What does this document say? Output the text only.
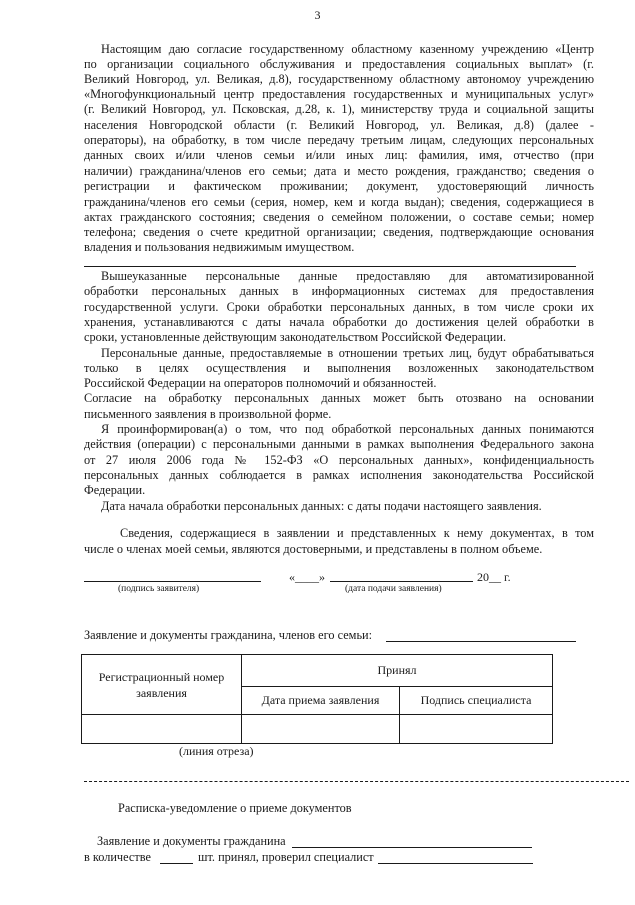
3
Настоящим даю согласие государственному областному казенному учреждению «Центр
по организации социального обслуживания и предоставления социальных выплат» (г.
Великий Новгород, ул. Великая, д.8), государственному областному автономоу учреждению
«Многофункциональный центр предоставления государственных и муниципальных услуг»
(г. Великий Новгород, ул. Псковская, д.28, к. 1), министерству труда и социальной защиты
населения Новгородской области (г. Великий Новгород, ул. Великая, д.8) (далее -
операторы), на обработку, в том числе передачу третьим лицам, следующих персональных
данных своих и/или членов семьи и/или иных лиц: фамилия, имя, отчество (при
наличии) гражданина/членов его семьи; дата и место рождения, гражданство; сведения о
регистрации и фактическом проживании; документ, удостоверяющий личность
гражданина/членов его семьи (серия, номер, кем и когда выдан); сведения, содержащиеся в
актах гражданского состояния; сведения о семейном положении, о составе семьи; номер
телефона; сведения о счете кредитной организации; сведения, подтверждающие основания
владения и пользования недвижимым имуществом.
Вышеуказанные персональные данные предоставляю для автоматизированной
обработки персональных данных в информационных системах для предоставления
государственной услуги. Сроки обработки персональных данных, в том числе сроки их
хранения, устанавливаются с даты начала обработки до достижения целей обработки в
сроки, установленные действующим законодательством Российской Федерации.
Персональные данные, предоставляемые в отношении третьих лиц, будут обрабатываться
только в целях осуществления и выполнения возложенных законодательством
Российской Федерации на операторов полномочий и обязанностей.
Согласие на обработку персональных данных может быть отозвано на основании
письменного заявления в произвольной форме.
Я проинформирован(а) о том, что под обработкой персональных данных понимаются
действия (операции) с персональными данными в рамках выполнения Федерального закона
от 27 июля 2006 года № 152-ФЗ «О персональных данных», конфиденциальность
персональных данных соблюдается в рамках исполнения законодательства Российской
Федерации.
Дата начала обработки персональных данных: с даты подачи настоящего заявления.
Сведения, содержащиеся в заявлении и представленных к нему документах, в том
числе о членах моей семьи, являются достоверными, и представлены в полном объеме.
«____»	20__ г.
(подпись заявителя)	(дата подачи заявления)
Заявление и документы гражданина, членов его семьи:
Регистрационный номер заявления	Принял	
	Дата приема заявления	Подпись специалиста

(линия отреза)
Расписка-уведомление о приеме документов
Заявление и документы гражданина
в количестве	шт. принял, проверил специалист
